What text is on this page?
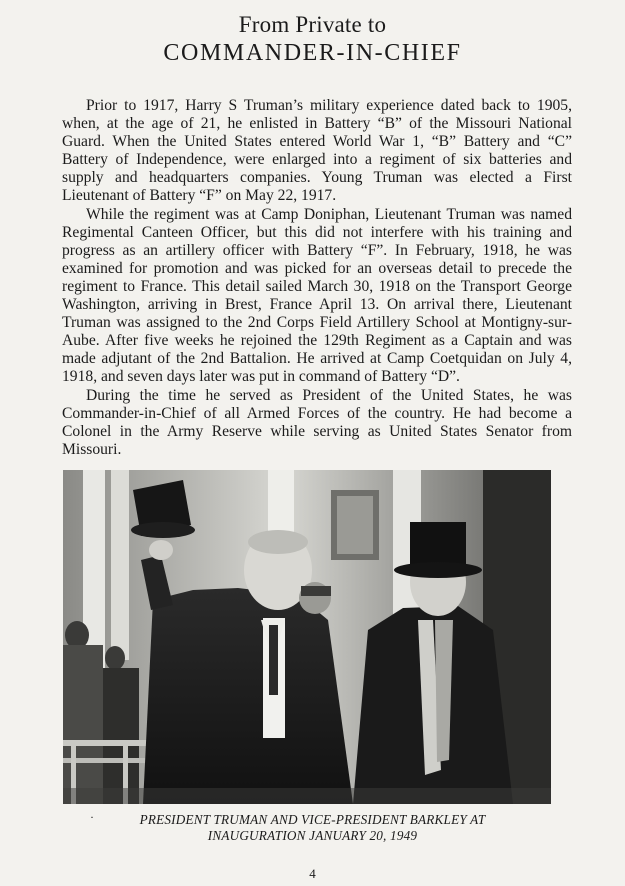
From Private to
COMMANDER-IN-CHIEF

Prior to 1917, Harry S Truman’s military experience dated back to 1905, when, at the age of 21, he enlisted in Battery “B” of the Missouri National Guard. When the United States entered World War 1, “B” Battery and “C” Battery of Independence, were enlarged into a regiment of six batteries and supply and headquarters companies. Young Truman was elected a First Lieutenant of Battery “F” on May 22, 1917.

While the regiment was at Camp Doniphan, Lieutenant Truman was named Regimental Canteen Officer, but this did not interfere with his training and progress as an artillery officer with Battery “F”. In February, 1918, he was examined for promotion and was picked for an overseas detail to precede the regiment to France. This detail sailed March 30, 1918 on the Transport George Washington, arriving in Brest, France April 13. On arrival there, Lieutenant Truman was assigned to the 2nd Corps Field Artillery School at Montigny-sur-Aube. After five weeks he rejoined the 129th Regiment as a Captain and was made adjutant of the 2nd Battalion. He arrived at Camp Coetquidan on July 4, 1918, and seven days later was put in command of Battery “D”.

During the time he served as President of the United States, he was Commander-in-Chief of all Armed Forces of the country. He had become a Colonel in the Army Reserve while serving as United States Senator from Missouri.

·	PRESIDENT TRUMAN AND VICE-PRESIDENT BARKLEY AT
INAUGURATION JANUARY 20, 1949
4
